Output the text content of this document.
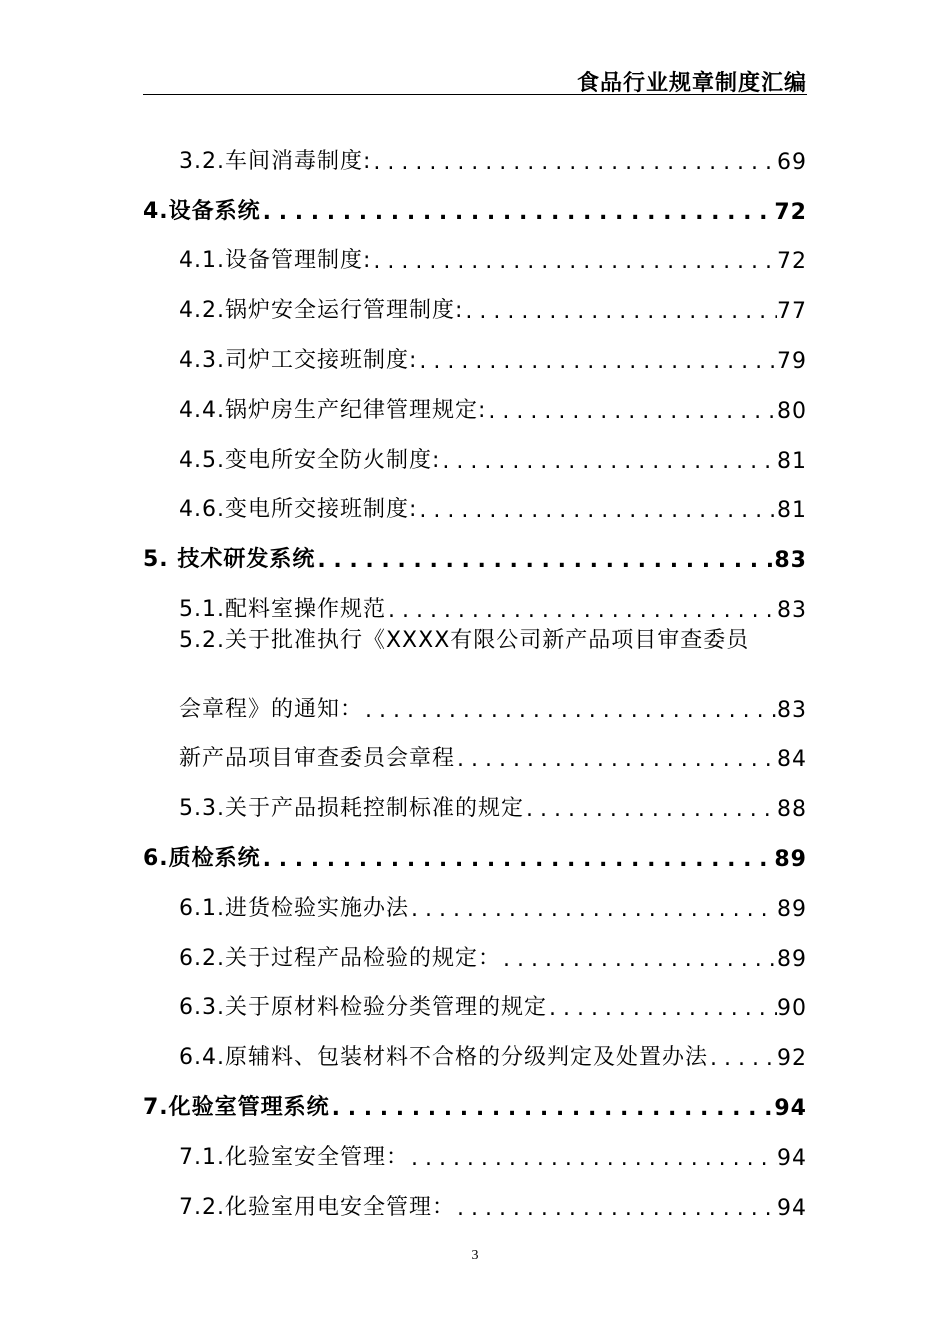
食品行业规章制度汇编
3.2.车间消毒制度: . . .	69
4.设备系统 . . .	72
4.1.设备管理制度: . . .	72
4.2.锅炉安全运行管理制度: . . .	77
4.3.司炉工交接班制度: . . .	79
4.4.锅炉房生产纪律管理规定: . . .	80
4.5.变电所安全防火制度: . . .	81
4.6.变电所交接班制度: . . .	81
5. 技术研发系统 . . .	83
5.1.配料室操作规范 . . .	83
5.2.关于批准执行《XXXX有限公司新产品项目审查委员
会章程》的通知： . . .	83
新产品项目审查委员会章程 . . .	84
5.3.关于产品损耗控制标准的规定 . . .	88
6.质检系统 . . .	89
6.1.进货检验实施办法 . . .	89
6.2.关于过程产品检验的规定： . . .	89
6.3.关于原材料检验分类管理的规定 . . .	90
6.4.原辅料、包装材料不合格的分级判定及处置办法 . . .	92
7.化验室管理系统 . . .	94
7.1.化验室安全管理： . . .	94
7.2.化验室用电安全管理： . . .	94
3
